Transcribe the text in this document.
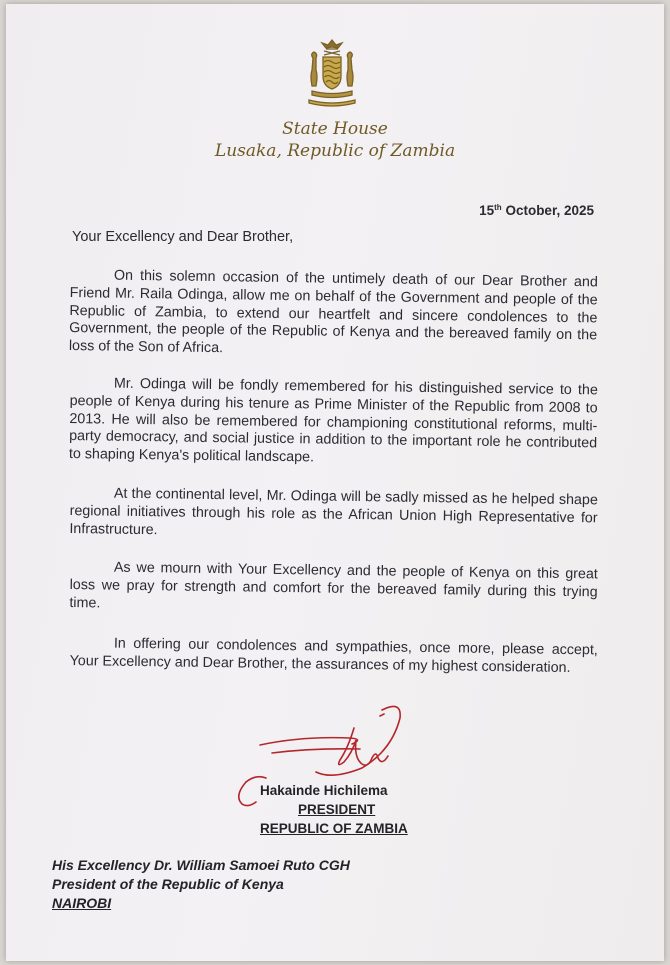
State House
Lusaka, Republic of Zambia
15th October, 2025
Your Excellency and Dear Brother,
On this solemn occasion of the untimely death of our Dear Brother and Friend Mr. Raila Odinga, allow me on behalf of the Government and people of the Republic of Zambia, to extend our heartfelt and sincere condolences to the Government, the people of the Republic of Kenya and the bereaved family on the loss of the Son of Africa.
Mr. Odinga will be fondly remembered for his distinguished service to the people of Kenya during his tenure as Prime Minister of the Republic from 2008 to 2013. He will also be remembered for championing constitutional reforms, multi-party democracy, and social justice in addition to the important role he contributed to shaping Kenya's political landscape.
At the continental level, Mr. Odinga will be sadly missed as he helped shape regional initiatives through his role as the African Union High Representative for Infrastructure.
As we mourn with Your Excellency and the people of Kenya on this great loss we pray for strength and comfort for the bereaved family during this trying time.
In offering our condolences and sympathies, once more, please accept, Your Excellency and Dear Brother, the assurances of my highest consideration.
Hakainde Hichilema
PRESIDENT
REPUBLIC OF ZAMBIA
His Excellency Dr. William Samoei Ruto CGH
President of the Republic of Kenya
NAIROBI
